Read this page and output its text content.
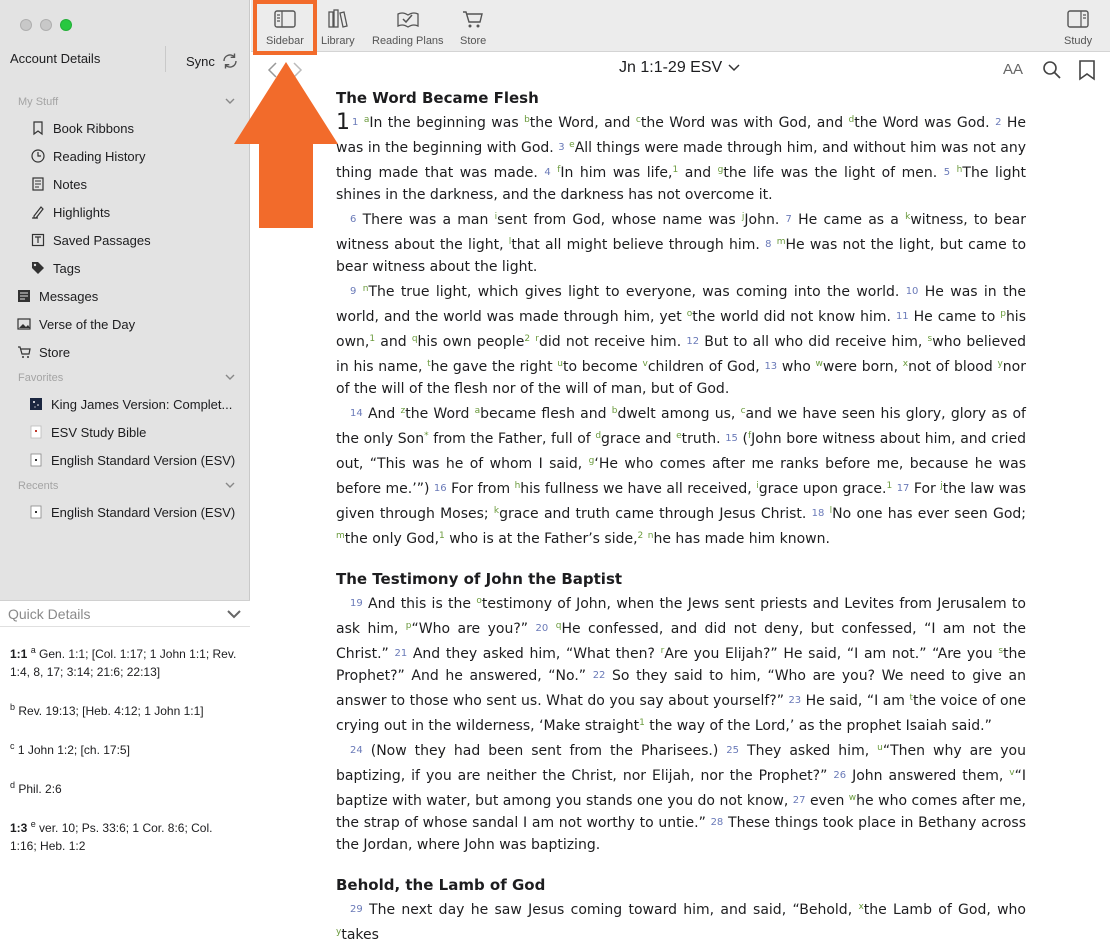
Account Details	Sync
My Stuff
Book Ribbons
Reading History
Notes
Highlights
Saved Passages
Tags
Messages
Verse of the Day
Store
Favorites
King James Version: Complet...
ESV Study Bible
English Standard Version (ESV)
Recents
English Standard Version (ESV)
Quick Details
1:1 $^a$ Gen. 1:1; [Col. 1:17; 1 John 1:1; Rev. 1:4, 8, 17; 3:14; 21:6; 22:13]
$^b$ Rev. 19:13; [Heb. 4:12; 1 John 1:1]
$^c$ 1 John 1:2; [ch. 17:5]
$^d$ Phil. 2:6
1:3 $^e$ ver. 10; Ps. 33:6; 1 Cor. 8:6; Col. 1:16; Heb. 1:2
Sidebar Library Reading Plans Store	Study
Jn 1:1-29 ESV	AA
The Word Became Flesh
1 1 $^a$In the beginning was $^b$the Word, and $^c$the Word was with God, and $^d$the Word was God. 2 He was in the beginning with God. 3 $^e$All things were made through him, and without him was not any thing made that was made. 4 $^f$In him was life,$^1$ and $^g$the life was the light of men. 5 $^h$The light shines in the darkness, and the darkness has not overcome it.
6 There was a man $^i$sent from God, whose name was $^j$John. 7 He came as a $^k$witness, to bear witness about the light, $^l$that all might believe through him. 8 $^m$He was not the light, but came to bear witness about the light.
9 $^n$The true light, which gives light to everyone, was coming into the world. 10 He was in the world, and the world was made through him, yet $^o$the world did not know him. 11 He came to $^p$his own,$^1$ and $^q$his own people$^2$ $^r$did not receive him. 12 But to all who did receive him, $^s$who believed in his name, $^t$he gave the right $^u$to become $^v$children of God, 13 who $^w$were born, $^x$not of blood $^y$nor of the will of the flesh nor of the will of man, but of God.
14 And $^z$the Word $^a$became flesh and $^b$dwelt among us, $^c$and we have seen his glory, glory as of the only Son* from the Father, full of $^d$grace and $^e$truth. 15 ($^f$John bore witness about him, and cried out, “This was he of whom I said, $^g$‘He who comes after me ranks before me, because he was before me.’”) 16 For from $^h$his fullness we have all received, $^i$grace upon grace.$^1$ 17 For $^j$the law was given through Moses; $^k$grace and truth came through Jesus Christ. 18 $^l$No one has ever seen God; $^m$the only God,$^1$ who is at the Father’s side,$^2$ $^n$he has made him known.
The Testimony of John the Baptist
19 And this is the $^o$testimony of John, when the Jews sent priests and Levites from Jerusalem to ask him, $^p$“Who are you?” 20 $^q$He confessed, and did not deny, but confessed, “I am not the Christ.” 21 And they asked him, “What then? $^r$Are you Elijah?” He said, “I am not.” “Are you $^s$the Prophet?” And he answered, “No.” 22 So they said to him, “Who are you? We need to give an answer to those who sent us. What do you say about yourself?” 23 He said, “I am $^t$the voice of one crying out in the wilderness, ‘Make straight$^1$ the way of the Lord,’ as the prophet Isaiah said.”
24 (Now they had been sent from the Pharisees.) 25 They asked him, $^u$“Then why are you baptizing, if you are neither the Christ, nor Elijah, nor the Prophet?” 26 John answered them, $^v$“I baptize with water, but among you stands one you do not know, 27 even $^w$he who comes after me, the strap of whose sandal I am not worthy to untie.” 28 These things took place in Bethany across the Jordan, where John was baptizing.
Behold, the Lamb of God
29 The next day he saw Jesus coming toward him, and said, “Behold, $^x$the Lamb of God, who $^y$takes
